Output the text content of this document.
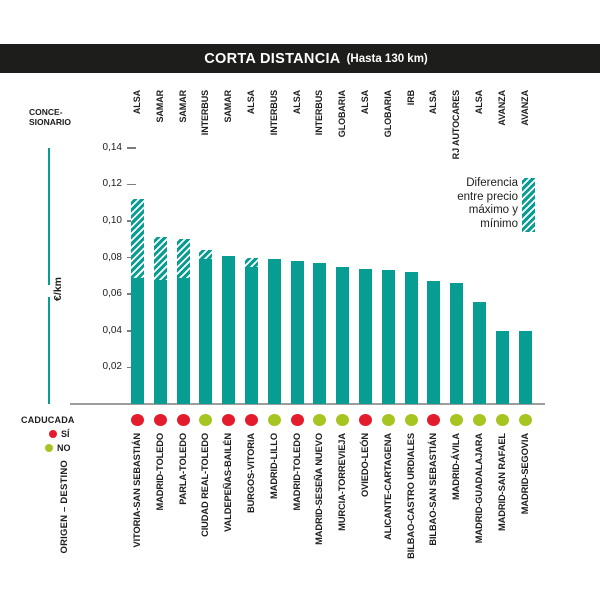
CORTA DISTANCIA (Hasta 130 km)
CONCE-
SIONARIO
€/km
0,14
0,12
0,10
0,08
0,06
0,04
0,02
ALSA
VITORIA-SAN SEBASTIÁN
SAMAR
MADRID-TOLEDO
SAMAR
PARLA-TOLEDO
INTERBUS
CIUDAD REAL-TOLEDO
SAMAR
VALDEPEÑAS-BAILÉN
ALSA
BURGOS-VITORIA
INTERBUS
MADRID-LILLO
ALSA
MADRID-TOLEDO
INTERBUS
MADRID-SESEÑA NUEVO
GLOBARIA
MURCIA-TORREVIEJA
ALSA
OVIEDO-LEÓN
GLOBARIA
ALICANTE-CARTAGENA
IRB
BILBAO-CASTRO URDIALES
ALSA
BILBAO-SAN SEBASTIÁN
RJ AUTOCARES
MADRID-ÁVILA
ALSA
MADRID-GUADALAJARA
AVANZA
MADRID-SAN RAFAEL
AVANZA
MADRID-SEGOVIA
Diferencia
entre precio
máximo y
mínimo
CADUCADA
SÍ
NO
ORIGEN – DESTINO
